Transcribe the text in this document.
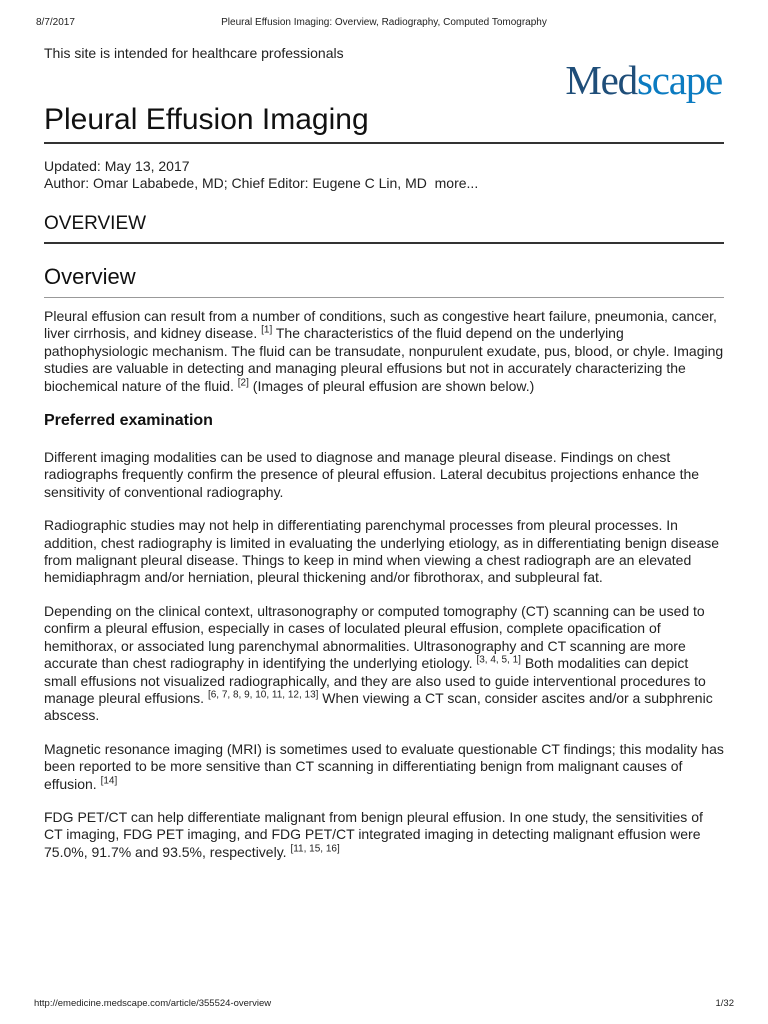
8/7/2017	Pleural Effusion Imaging: Overview, Radiography, Computed Tomography

This site is intended for healthcare professionals

Medscape
Pleural Effusion Imaging
Updated: May 13, 2017
Author: Omar Lababede, MD; Chief Editor: Eugene C Lin, MD more...
OVERVIEW
Overview

Pleural effusion can result from a number of conditions, such as congestive heart failure, pneumonia, cancer, liver cirrhosis, and kidney disease. [1] The characteristics of the fluid depend on the underlying pathophysiologic mechanism. The fluid can be transudate, nonpurulent exudate, pus, blood, or chyle. Imaging studies are valuable in detecting and managing pleural effusions but not in accurately characterizing the biochemical nature of the fluid. [2] (Images of pleural effusion are shown below.)

Preferred examination

Different imaging modalities can be used to diagnose and manage pleural disease. Findings on chest radiographs frequently confirm the presence of pleural effusion. Lateral decubitus projections enhance the sensitivity of conventional radiography.

Radiographic studies may not help in differentiating parenchymal processes from pleural processes. In addition, chest radiography is limited in evaluating the underlying etiology, as in differentiating benign disease from malignant pleural disease. Things to keep in mind when viewing a chest radiograph are an elevated hemidiaphragm and/or herniation, pleural thickening and/or fibrothorax, and subpleural fat.

Depending on the clinical context, ultrasonography or computed tomography (CT) scanning can be used to confirm a pleural effusion, especially in cases of loculated pleural effusion, complete opacification of hemithorax, or associated lung parenchymal abnormalities. Ultrasonography and CT scanning are more accurate than chest radiography in identifying the underlying etiology. [3, 4, 5, 1] Both modalities can depict small effusions not visualized radiographically, and they are also used to guide interventional procedures to manage pleural effusions. [6, 7, 8, 9, 10, 11, 12, 13] When viewing a CT scan, consider ascites and/or a subphrenic abscess.

Magnetic resonance imaging (MRI) is sometimes used to evaluate questionable CT findings; this modality has been reported to be more sensitive than CT scanning in differentiating benign from malignant causes of effusion. [14]

FDG PET/CT can help differentiate malignant from benign pleural effusion. In one study, the sensitivities of CT imaging, FDG PET imaging, and FDG PET/CT integrated imaging in detecting malignant effusion were 75.0%, 91.7% and 93.5%, respectively. [11, 15, 16]

http://emedicine.medscape.com/article/355524-overview	1/32
